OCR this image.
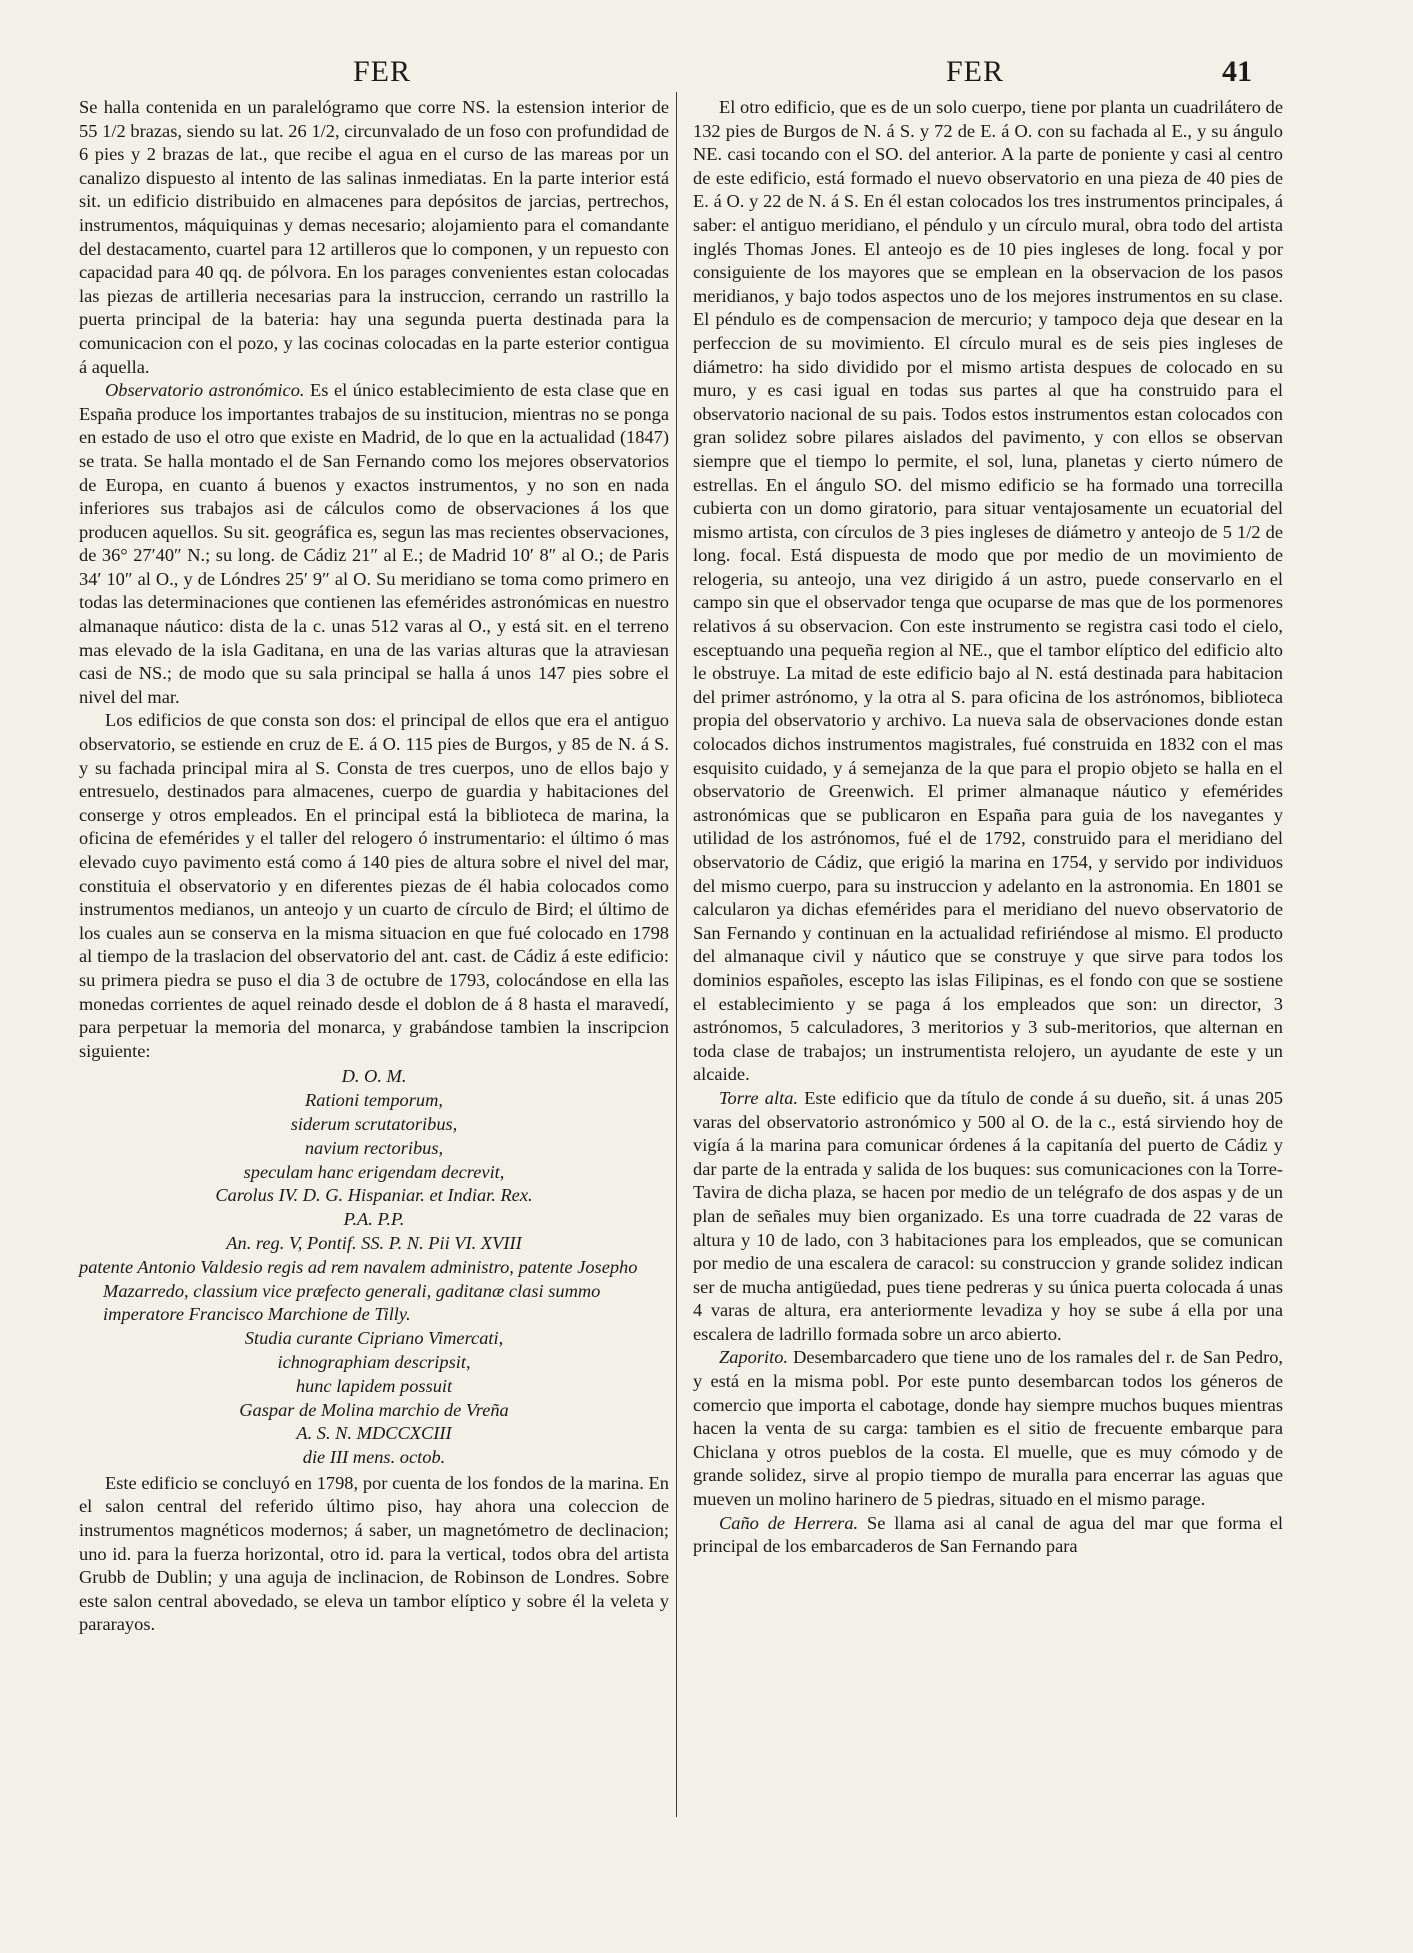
FER	FER	41

Se halla contenida en un paralelógramo que corre NS. la estension interior de 55 1/2 brazas, siendo su lat. 26 1/2, circunvalado de un foso con profundidad de 6 pies y 2 brazas de lat., que recibe el agua en el curso de las mareas por un canalizo dispuesto al intento de las salinas inmediatas. En la parte interior está sit. un edificio distribuido en almacenes para depósitos de jarcias, pertrechos, instrumentos, máquiquinas y demas necesario; alojamiento para el comandante del destacamento, cuartel para 12 artilleros que lo componen, y un repuesto con capacidad para 40 qq. de pólvora. En los parages convenientes estan colocadas las piezas de artilleria necesarias para la instruccion, cerrando un rastrillo la puerta principal de la bateria: hay una segunda puerta destinada para la comunicacion con el pozo, y las cocinas colocadas en la parte esterior contigua á aquella.

Observatorio astronómico. Es el único establecimiento de esta clase que en España produce los importantes trabajos de su institucion, mientras no se ponga en estado de uso el otro que existe en Madrid, de lo que en la actualidad (1847) se trata. Se halla montado el de San Fernando como los mejores observatorios de Europa, en cuanto á buenos y exactos instrumentos, y no son en nada inferiores sus trabajos asi de cálculos como de observaciones á los que producen aquellos. Su sit. geográfica es, segun las mas recientes observaciones, de 36° 27′40″ N.; su long. de Cádiz 21″ al E.; de Madrid 10′ 8″ al O.; de Paris 34′ 10″ al O., y de Lóndres 25′ 9″ al O. Su meridiano se toma como primero en todas las determinaciones que contienen las efemérides astronómicas en nuestro almanaque náutico: dista de la c. unas 512 varas al O., y está sit. en el terreno mas elevado de la isla Gaditana, en una de las varias alturas que la atraviesan casi de NS.; de modo que su sala principal se halla á unos 147 pies sobre el nivel del mar.

Los edificios de que consta son dos: el principal de ellos que era el antiguo observatorio, se estiende en cruz de E. á O. 115 pies de Burgos, y 85 de N. á S. y su fachada principal mira al S. Consta de tres cuerpos, uno de ellos bajo y entresuelo, destinados para almacenes, cuerpo de guardia y habitaciones del conserge y otros empleados. En el principal está la biblioteca de marina, la oficina de efemérides y el taller del relogero ó instrumentario: el último ó mas elevado cuyo pavimento está como á 140 pies de altura sobre el nivel del mar, constituia el observatorio y en diferentes piezas de él habia colocados como instrumentos medianos, un anteojo y un cuarto de círculo de Bird; el último de los cuales aun se conserva en la misma situacion en que fué colocado en 1798 al tiempo de la traslacion del observatorio del ant. cast. de Cádiz á este edificio: su primera piedra se puso el dia 3 de octubre de 1793, colocándose en ella las monedas corrientes de aquel reinado desde el doblon de á 8 hasta el maravedí, para perpetuar la memoria del monarca, y grabándose tambien la inscripcion siguiente:

D. O. M.
Rationi temporum,
siderum scrutatoribus,
navium rectoribus,
speculam hanc erigendam decrevit,
Carolus IV. D. G. Hispaniar. et Indiar. Rex.
P.A. P.P.
An. reg. V, Pontif. SS. P. N. Pii VI. XVIII
patente Antonio Valdesio regis ad rem navalem administro, patente Josepho Mazarredo, classium vice præfecto generali, gaditanæ clasi summo imperatore Francisco Marchione de Tilly.
Studia curante Cipriano Vimercati,
ichnographiam descripsit,
hunc lapidem possuit
Gaspar de Molina marchio de Vreña
A. S. N. MDCCXCIII
die III mens. octob.

Este edificio se concluyó en 1798, por cuenta de los fondos de la marina. En el salon central del referido último piso, hay ahora una coleccion de instrumentos magnéticos modernos; á saber, un magnetómetro de declinacion; uno id. para la fuerza horizontal, otro id. para la vertical, todos obra del artista Grubb de Dublin; y una aguja de inclinacion, de Robinson de Londres. Sobre este salon central abovedado, se eleva un tambor elíptico y sobre él la veleta y pararayos.

El otro edificio, que es de un solo cuerpo, tiene por planta un cuadrilátero de 132 pies de Burgos de N. á S. y 72 de E. á O. con su fachada al E., y su ángulo NE. casi tocando con el SO. del anterior. A la parte de poniente y casi al centro de este edificio, está formado el nuevo observatorio en una pieza de 40 pies de E. á O. y 22 de N. á S. En él estan colocados los tres instrumentos principales, á saber: el antiguo meridiano, el péndulo y un círculo mural, obra todo del artista inglés Thomas Jones. El anteojo es de 10 pies ingleses de long. focal y por consiguiente de los mayores que se emplean en la observacion de los pasos meridianos, y bajo todos aspectos uno de los mejores instrumentos en su clase. El péndulo es de compensacion de mercurio; y tampoco deja que desear en la perfeccion de su movimiento. El círculo mural es de seis pies ingleses de diámetro: ha sido dividido por el mismo artista despues de colocado en su muro, y es casi igual en todas sus partes al que ha construido para el observatorio nacional de su pais. Todos estos instrumentos estan colocados con gran solidez sobre pilares aislados del pavimento, y con ellos se observan siempre que el tiempo lo permite, el sol, luna, planetas y cierto número de estrellas. En el ángulo SO. del mismo edificio se ha formado una torrecilla cubierta con un domo giratorio, para situar ventajosamente un ecuatorial del mismo artista, con círculos de 3 pies ingleses de diámetro y anteojo de 5 1/2 de long. focal. Está dispuesta de modo que por medio de un movimiento de relogeria, su anteojo, una vez dirigido á un astro, puede conservarlo en el campo sin que el observador tenga que ocuparse de mas que de los pormenores relativos á su observacion. Con este instrumento se registra casi todo el cielo, esceptuando una pequeña region al NE., que el tambor elíptico del edificio alto le obstruye. La mitad de este edificio bajo al N. está destinada para habitacion del primer astrónomo, y la otra al S. para oficina de los astrónomos, biblioteca propia del observatorio y archivo. La nueva sala de observaciones donde estan colocados dichos instrumentos magistrales, fué construida en 1832 con el mas esquisito cuidado, y á semejanza de la que para el propio objeto se halla en el observatorio de Greenwich. El primer almanaque náutico y efemérides astronómicas que se publicaron en España para guia de los navegantes y utilidad de los astrónomos, fué el de 1792, construido para el meridiano del observatorio de Cádiz, que erigió la marina en 1754, y servido por individuos del mismo cuerpo, para su instruccion y adelanto en la astronomia. En 1801 se calcularon ya dichas efemérides para el meridiano del nuevo observatorio de San Fernando y continuan en la actualidad refiriéndose al mismo. El producto del almanaque civil y náutico que se construye y que sirve para todos los dominios españoles, escepto las islas Filipinas, es el fondo con que se sostiene el establecimiento y se paga á los empleados que son: un director, 3 astrónomos, 5 calculadores, 3 meritorios y 3 sub-meritorios, que alternan en toda clase de trabajos; un instrumentista relojero, un ayudante de este y un alcaide.

Torre alta. Este edificio que da título de conde á su dueño, sit. á unas 205 varas del observatorio astronómico y 500 al O. de la c., está sirviendo hoy de vigía á la marina para comunicar órdenes á la capitanía del puerto de Cádiz y dar parte de la entrada y salida de los buques: sus comunicaciones con la Torre-Tavira de dicha plaza, se hacen por medio de un telégrafo de dos aspas y de un plan de señales muy bien organizado. Es una torre cuadrada de 22 varas de altura y 10 de lado, con 3 habitaciones para los empleados, que se comunican por medio de una escalera de caracol: su construccion y grande solidez indican ser de mucha antigüedad, pues tiene pedreras y su única puerta colocada á unas 4 varas de altura, era anteriormente levadiza y hoy se sube á ella por una escalera de ladrillo formada sobre un arco abierto.

Zaporito. Desembarcadero que tiene uno de los ramales del r. de San Pedro, y está en la misma pobl. Por este punto desembarcan todos los géneros de comercio que importa el cabotage, donde hay siempre muchos buques mientras hacen la venta de su carga: tambien es el sitio de frecuente embarque para Chiclana y otros pueblos de la costa. El muelle, que es muy cómodo y de grande solidez, sirve al propio tiempo de muralla para encerrar las aguas que mueven un molino harinero de 5 piedras, situado en el mismo parage.

Caño de Herrera. Se llama asi al canal de agua del mar que forma el principal de los embarcaderos de San Fernando para
